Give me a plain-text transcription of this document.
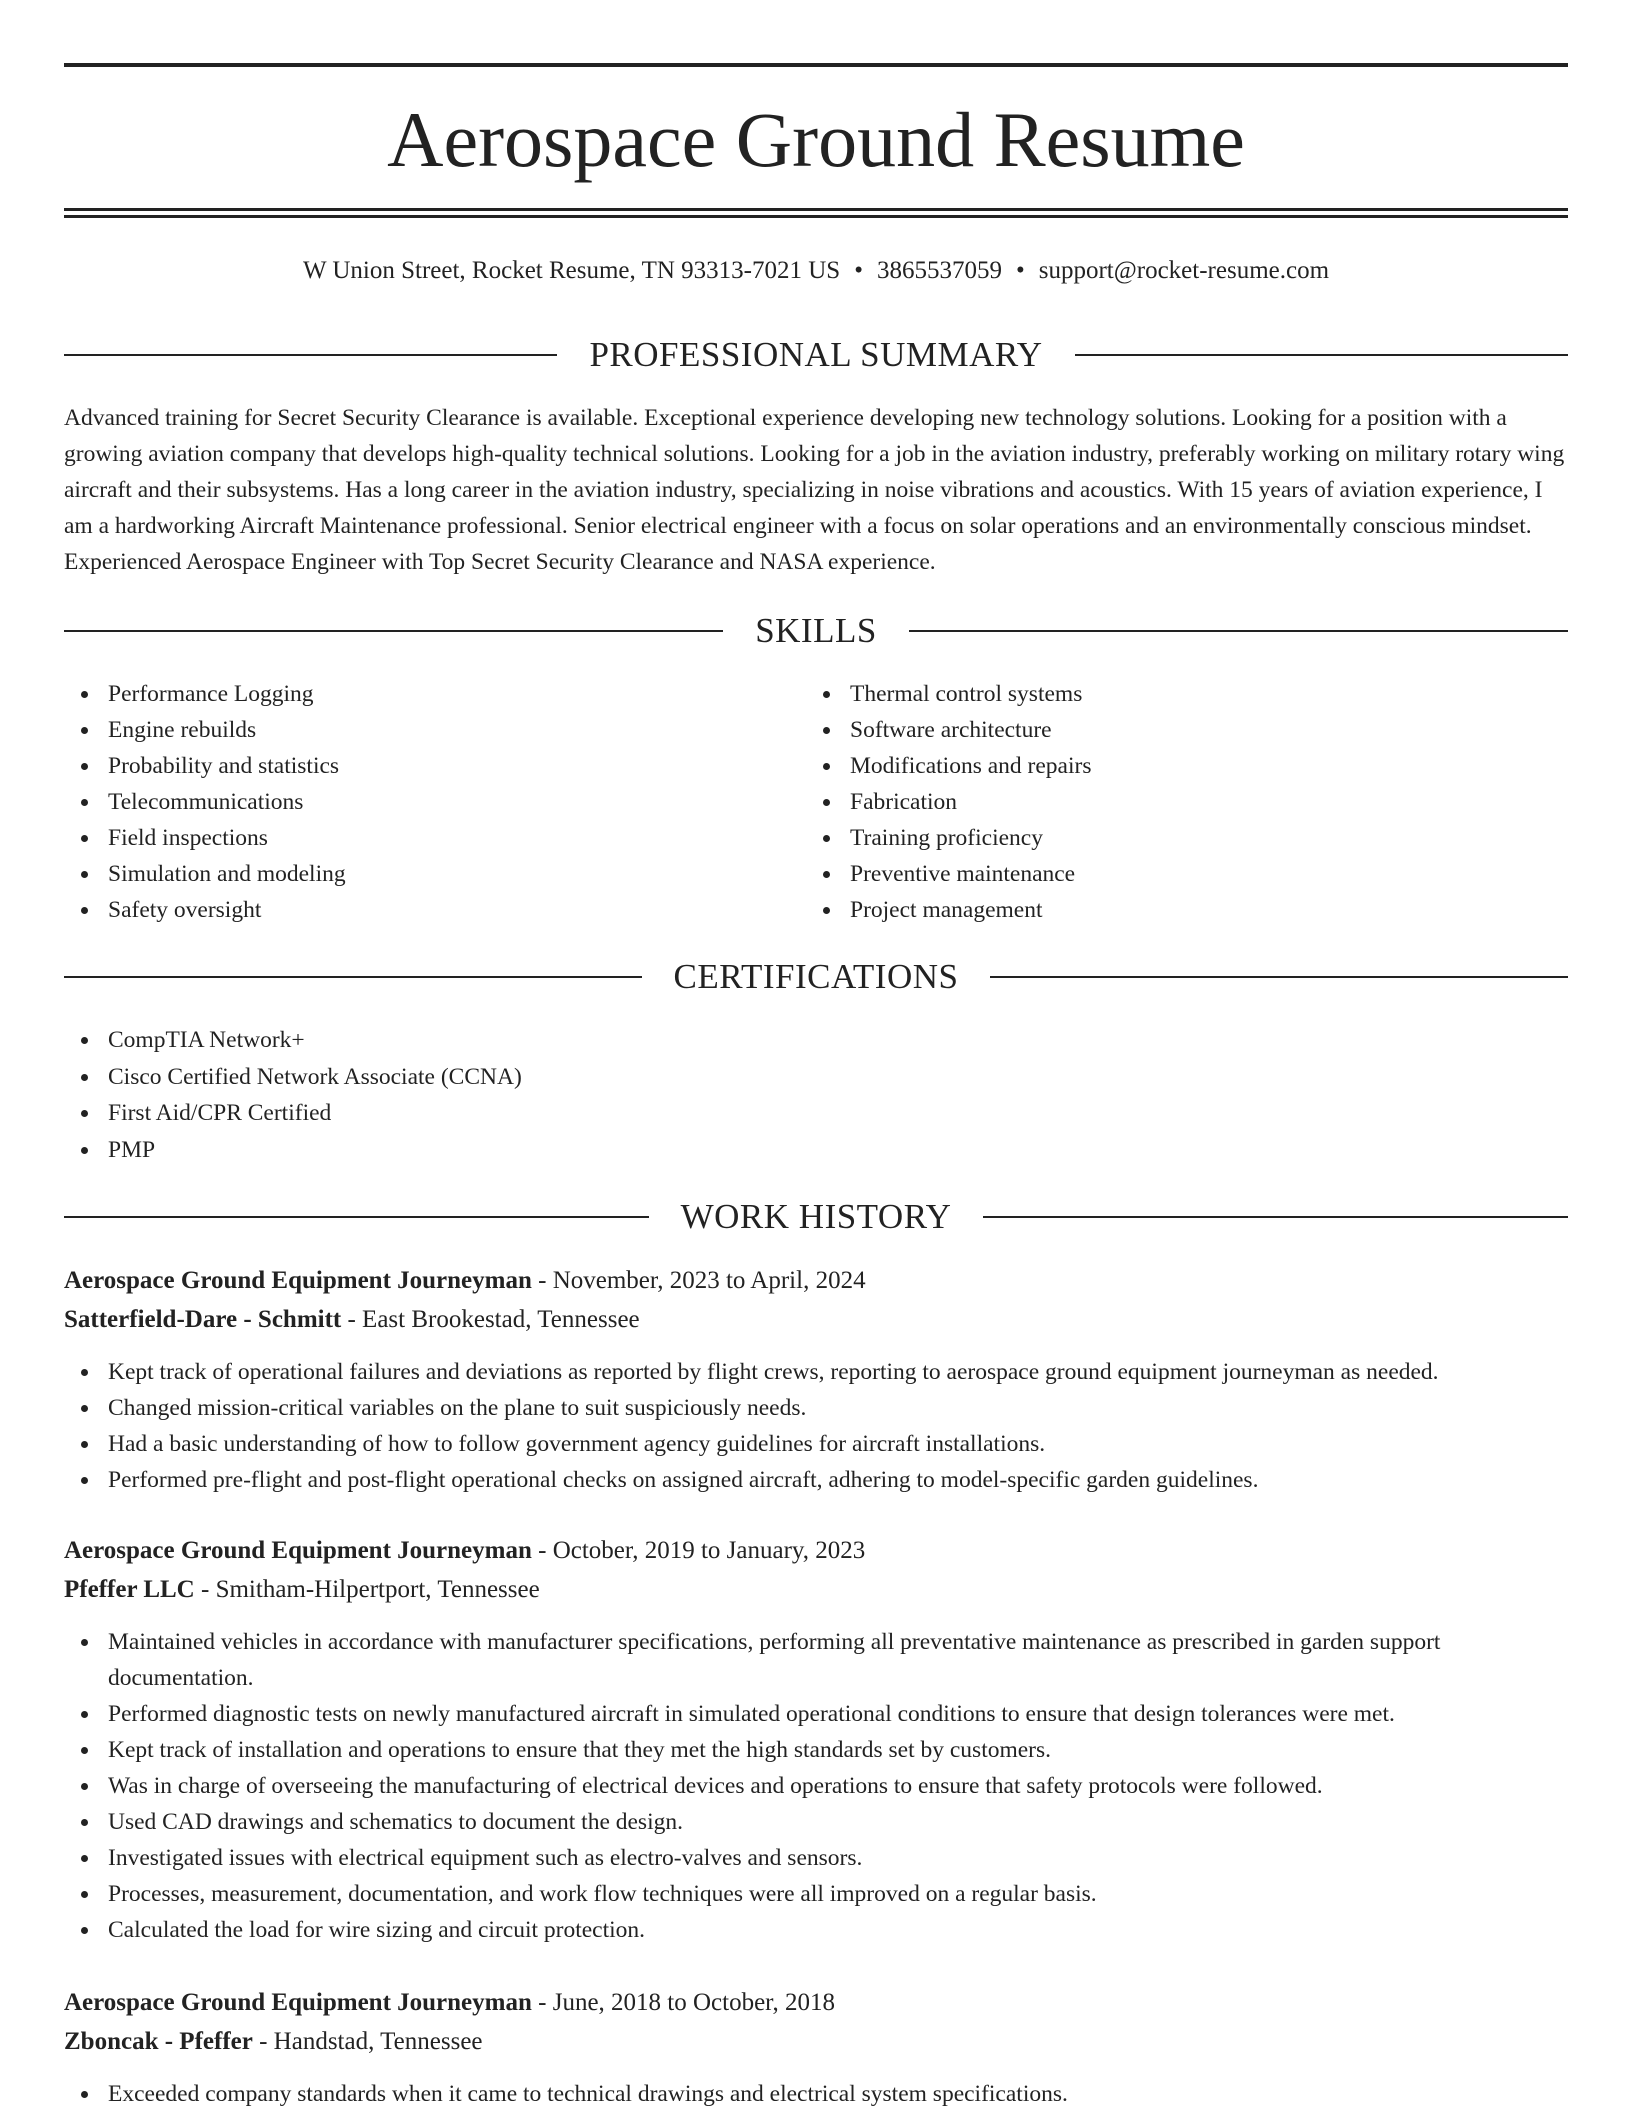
Aerospace Ground Resume
W Union Street, Rocket Resume, TN 93313-7021 US • 3865537059 • support@rocket-resume.com
PROFESSIONAL SUMMARY

Advanced training for Secret Security Clearance is available. Exceptional experience developing new technology solutions. Looking for a position with a growing aviation company that develops high-quality technical solutions. Looking for a job in the aviation industry, preferably working on military rotary wing aircraft and their subsystems. Has a long career in the aviation industry, specializing in noise vibrations and acoustics. With 15 years of aviation experience, I am a hardworking Aircraft Maintenance professional. Senior electrical engineer with a focus on solar operations and an environmentally conscious mindset. Experienced Aerospace Engineer with Top Secret Security Clearance and NASA experience.

SKILLS
Performance Logging
Engine rebuilds
Probability and statistics
Telecommunications
Field inspections
Simulation and modeling
Safety oversight
Thermal control systems
Software architecture
Modifications and repairs
Fabrication
Training proficiency
Preventive maintenance
Project management
CERTIFICATIONS
CompTIA Network+
Cisco Certified Network Associate (CCNA)
First Aid/CPR Certified
PMP
WORK HISTORY
Aerospace Ground Equipment Journeyman - November, 2023 to April, 2024
Satterfield-Dare - Schmitt - East Brookestad, Tennessee
Kept track of operational failures and deviations as reported by flight crews, reporting to aerospace ground equipment journeyman as needed.
Changed mission-critical variables on the plane to suit suspiciously needs.
Had a basic understanding of how to follow government agency guidelines for aircraft installations.
Performed pre-flight and post-flight operational checks on assigned aircraft, adhering to model-specific garden guidelines.
Aerospace Ground Equipment Journeyman - October, 2019 to January, 2023
Pfeffer LLC - Smitham-Hilpertport, Tennessee
Maintained vehicles in accordance with manufacturer specifications, performing all preventative maintenance as prescribed in garden support documentation.
Performed diagnostic tests on newly manufactured aircraft in simulated operational conditions to ensure that design tolerances were met.
Kept track of installation and operations to ensure that they met the high standards set by customers.
Was in charge of overseeing the manufacturing of electrical devices and operations to ensure that safety protocols were followed.
Used CAD drawings and schematics to document the design.
Investigated issues with electrical equipment such as electro-valves and sensors.
Processes, measurement, documentation, and work flow techniques were all improved on a regular basis.
Calculated the load for wire sizing and circuit protection.
Aerospace Ground Equipment Journeyman - June, 2018 to October, 2018
Zboncak - Pfeffer - Handstad, Tennessee
Exceeded company standards when it came to technical drawings and electrical system specifications.
